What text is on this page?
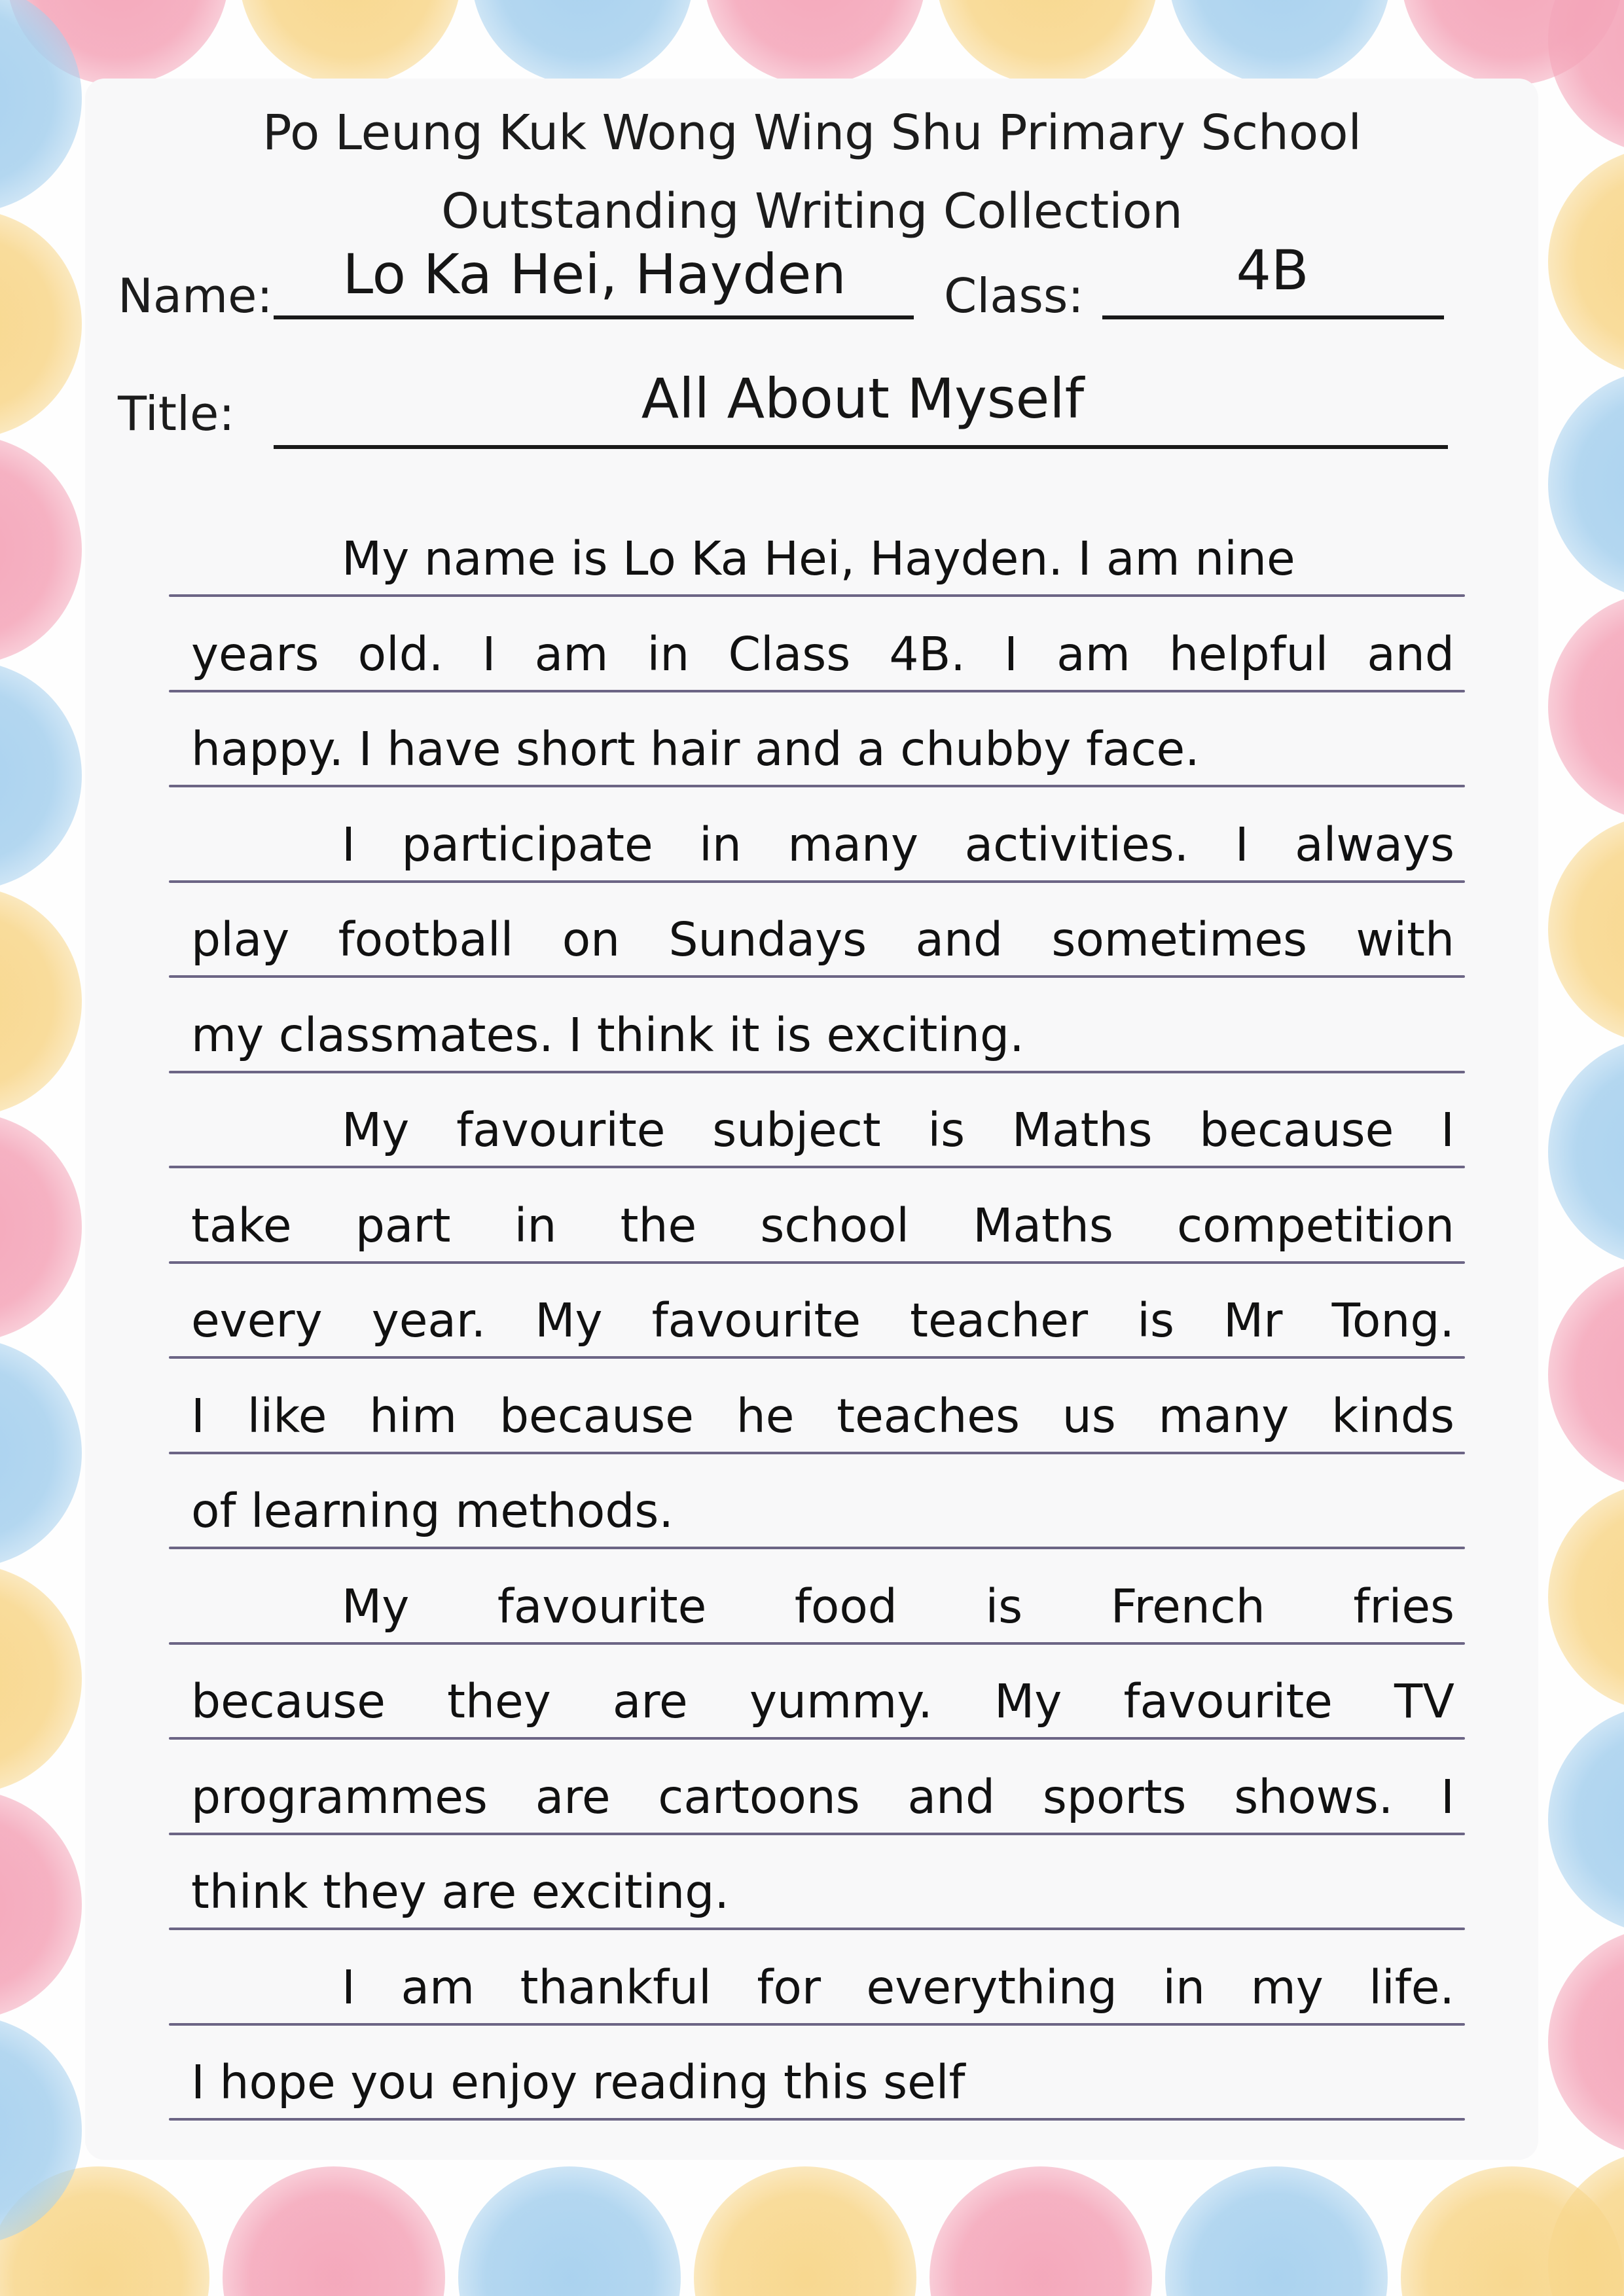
Po Leung Kuk Wong Wing Shu Primary School
Outstanding Writing Collection
Name:	Lo Ka Hei, Hayden	Class:	4B
Title:	All About Myself
My name is Lo Ka Hei, Hayden. I am nine
years old. I am in Class 4B. I am helpful and
happy. I have short hair and a chubby face.
I participate in many activities. I always
play football on Sundays and sometimes with
my classmates. I think it is exciting.
My favourite subject is Maths because I
take part in the school Maths competition
every year. My favourite teacher is Mr Tong.
I like him because he teaches us many kinds
of learning methods.
My favourite food is French fries
because they are yummy. My favourite TV
programmes are cartoons and sports shows. I
think they are exciting.
I am thankful for everything in my life.
I hope you enjoy reading this self
